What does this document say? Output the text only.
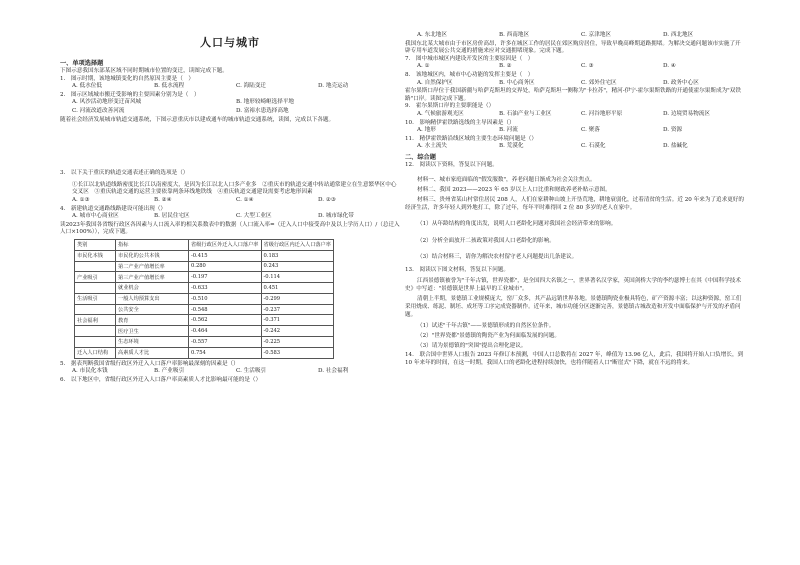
人口与城市
一、单项选择题

下图示意我国东部某区域不同时期城市位置的变迁，读图完成下题。

1.　图示时期，该地城镇变化的自然原因主要是（　）

A. 低水位低	B. 低水流程	C. 海陆变迁	D. 地壳运动

2.　图示区域城市搬迁受影响的主要因素分别为是（　）

A. 风沙活动地形变迁苗风城	B. 地形较崎岖选择平地
C. 河流改道改善河流	D. 富裕水患选择高地

随着社会经济发展城市轨道交通系统，下图示意重庆市以建成通车的城市轨道交通系统，读图，完成以下各题。

3.　以下关于重庆的轨道交通表述正确的选项是（）

①长江以北轨道线路密度比长江以南密度大，是因为长江以北人口多产业多　②重庆市的轨道交通中转站通常建立在生意繁华区中心交叉区　③重庆轨道交通的运营主要依靠两条环线地铁线　④重庆轨道交通建设需要考虑地形因素

A. ①③	B. ②④	C. ①④	D. ②③

4.　新建轨道交通路线路建设可能出现（）

A. 城市中心商业区	B. 居民住宅区	C. 大型工业区	D. 城市绿化带

读2023年我国各省级行政区各因素与人口流入率的相关系数表中的数据（人口流入率=（迁入人口中接受高中及以上学历人口）/（总迁入人口×100%）），完成下题。

类别	指标	省级行政区外迁入人口落户率	省级行政区内迁入人口落户率
市民化本钱	市民化的公共本钱	-0.415	0.183
	第二产业产值增长率	0.280	0.243
产业吸引	第三产业产值增长率	-0.197	-0.114
	就业机会	-0.633	0.451
生活吸引	一般人均预算支出	-0.510	-0.299
	公共安全	-0.548	-0.237
社会福利	教育	-0.562	-0.371
	医疗卫生	-0.464	-0.242
	生态环境	-0.557	-0.225
迁入人口结构	高素质人才比	0.754	-0.583

5.　据表判断我国省级行政区外迁入人口落户率影响最深刻的因素是（）

A. 市民化本钱	B. 产业吸引	C. 生活吸引	D. 社会福利

6.　以下地区中，省级行政区外迁入人口落户率高素质人才比影响最可能的是（）

A. 东北地区	B. 西南地区	C. 京津地区	D. 西北地区

我国东北某大城市由于市区房价高昂，许多在城区工作的居民在郊区购房居住，导致早晚高峰期道路拥堵。为解决交通问题该市实施了开辟专用车道发展公共交通的措施来应对交通拥堵现象。完成下题。

7.　图中城市城区内建设开发区的主要原因是（　）

A. ①	B. ②	C. ③	D. ④

8.　该地城区内，城市中心功能的发挥主要是（　）

A. 自然保护区	B. 中心商务区	C. 郊外住宅区	D. 政务中心区

霍尔果斯口岸位于我国新疆与哈萨克斯坦的交界处，哈萨克斯坦一侧称为"卡拉苏"，精河-伊宁-霍尔果斯铁路的开通使霍尔果斯成为"双铁路"口岸。读图完成下题。

9.　霍尔果斯口岸的主要职能是（）

A. 气候旅游观光区	B. 石油产业与工业区	C. 河谷地形平原	D. 边境贸易物流区

10.　影响精伊霍铁路选线的主导因素是（）

A. 地形	B. 河流	C. 聚落	D. 资源

11.　精伊霍铁路沿线区域的主要生态环境问题是（）

A. 水土流失	B. 荒漠化	C. 石漠化	D. 盐碱化
二、综合题

12.　阅读以下资料，答复以下问题。

材料一、城市家庭面临的"假发服数"，养老问题日渐成为社会关注焦点。

材料二、我国 2023——2023 年 65 岁以上人口比重和财政养老补贴示意图。

材料三、贵州省某山村常住居民 208 人，人们在家耕种山坡上开垦荒地，耕地衰弱化，过着清贫的生活。近 20 年来为了追求更好的经济生活，许多年轻人到外地打工，除了过年，每年平时难得回 2 位 80 多岁的老人在家中。

（1）从年龄结构的角度出发，说明人口老龄化问题对我国社会经济带来的影响。

（2）分析全面放开二孩政策对我国人口老龄化的影响。

（3）结合材料三，请你为解决农村留守老人问题提出几条建议。

13.　阅读以下图文材料，答复以下问题。

江西景德镇被誉为"千年古镇，世界瓷都"，是全国四大名镇之一，世界著名汉学家，英国剑桥大学的李约瑟博士在其《中国科学技术史》中写道："景德镇是世界上最早的工业城市"。

清朝上半期，景德镇工业规模庞大，窑厂众多，其产品远销世界各地。景德镇陶瓷业极具特色，矿产资源丰富；以这种资源，窑工们采用烧成、练泥、制坯、成坯等工序完成瓷器制作。近年来，城市功能分区逐渐完善，景德镇古城改造和开发中面临保护与开发的矛盾问题。

（1）试述"千年古镇"——景德镇形成的自然区位条件。

（2）"世界瓷都"景德镇的陶瓷产业为何面临发展的问题。

（3）请为景德镇的"突围"提出合理化建议。

14.　联合国中世界人口报告 2023 年修订本预测，中国人口总数将在 2027 年，峰值为 13.96 亿人，此后，我国将开始人口负增长，到 10 年来年的时间，在这一时期，我国人口的老龄化进程持续加快，也将伴随着人口"断崖式"下降，就在不远的将来。
